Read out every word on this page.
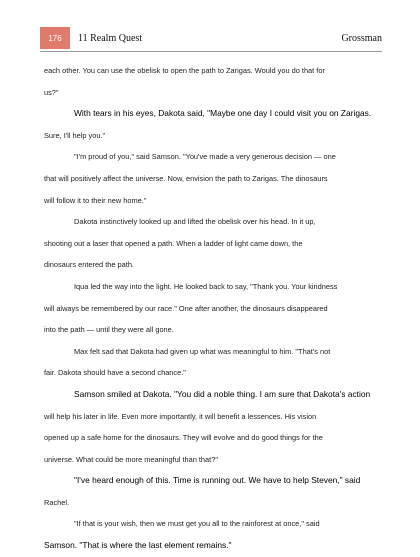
176	11 Realm Quest	Grossman
each other. You can use the obelisk to open the path to Zarigas. Would you do that for
us?"
With tears in his eyes, Dakota said, "Maybe one day I could visit you on Zarigas.
Sure, I'll help you."
"I'm proud of you," said Samson. "You've made a very generous decision — one
that will positively affect the universe. Now, envision the path to Zarigas. The dinosaurs
will follow it to their new home."
Dakota instinctively looked up and lifted the obelisk over his head. In it up,
shooting out a laser that opened a path. When a ladder of light came down, the
dinosaurs entered the path.
Iqua led the way into the light. He looked back to say, "Thank you. Your kindness
will always be remembered by our race." One after another, the dinosaurs disappeared
into the path — until they were all gone.
Max felt sad that Dakota had given up what was meaningful to him. "That's not
fair. Dakota should have a second chance."
Samson smiled at Dakota. "You did a noble thing. I am sure that Dakota's action
will help his later in life. Even more importantly, it will benefit a lessences. His vision
opened up a safe home for the dinosaurs. They will evolve and do good things for the
universe. What could be more meaningful than that?"
"I've heard enough of this. Time is running out. We have to help Steven," said
Rachel.
"If that is your wish, then we must get you all to the rainforest at once," said
Samson. "That is where the last element remains."
